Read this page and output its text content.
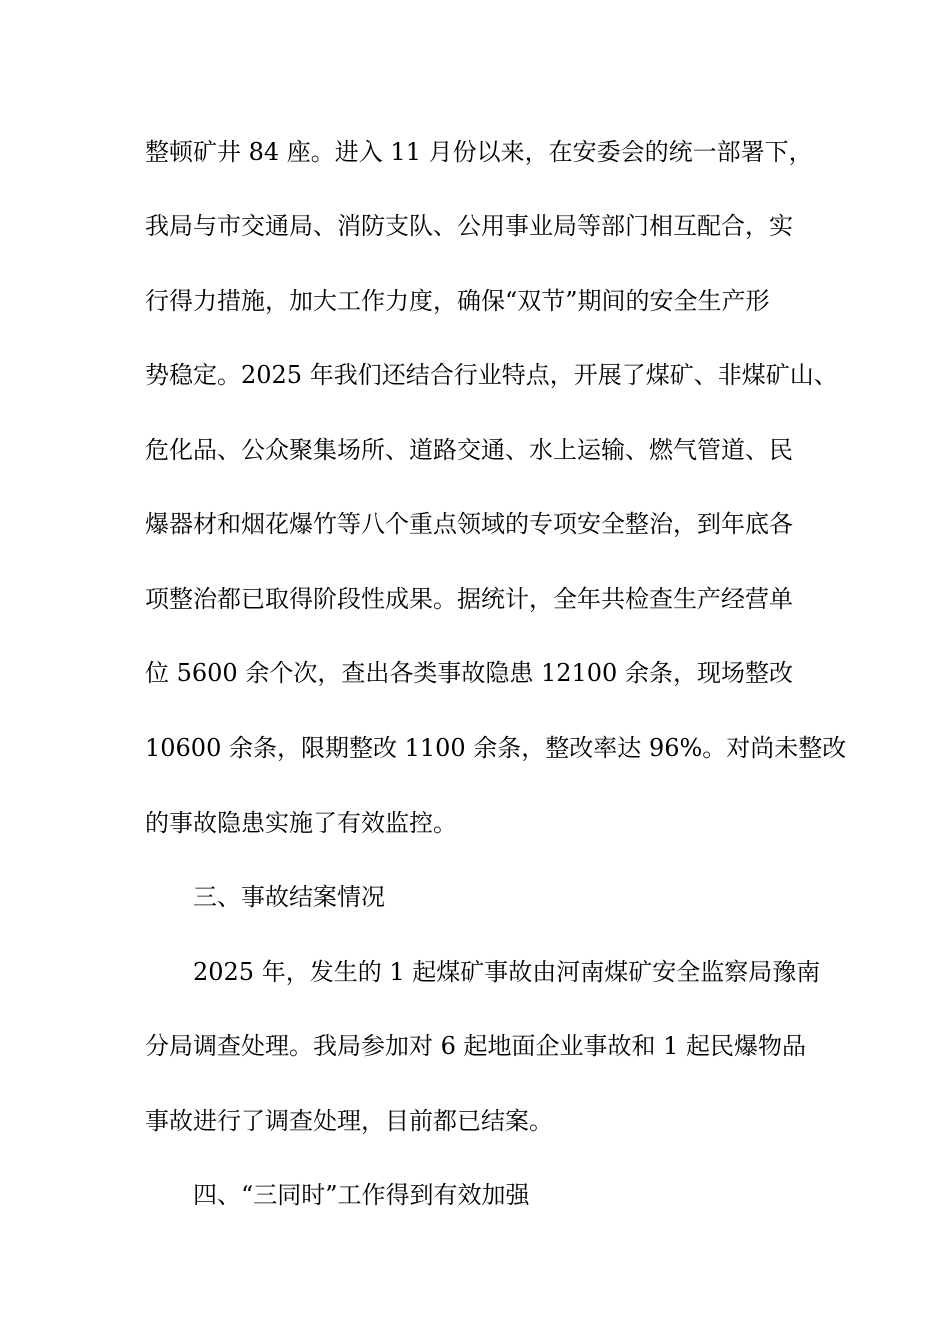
整顿矿井 84 座。进入 11 月份以来，在安委会的统一部署下，

我局与市交通局、消防支队、公用事业局等部门相互配合，实

行得力措施，加大工作力度，确保“双节”期间的安全生产形

势稳定。2025 年我们还结合行业特点，开展了煤矿、非煤矿山、

危化品、公众聚集场所、道路交通、水上运输、燃气管道、民

爆器材和烟花爆竹等八个重点领域的专项安全整治，到年底各

项整治都已取得阶段性成果。据统计，全年共检查生产经营单

位 5600 余个次，查出各类事故隐患 12100 余条，现场整改

10600 余条，限期整改 1100 余条，整改率达 96%。对尚未整改

的事故隐患实施了有效监控。

三、事故结案情况

2025 年，发生的 1 起煤矿事故由河南煤矿安全监察局豫南

分局调查处理。我局参加对 6 起地面企业事故和 1 起民爆物品

事故进行了调查处理，目前都已结案。

四、“三同时”工作得到有效加强
